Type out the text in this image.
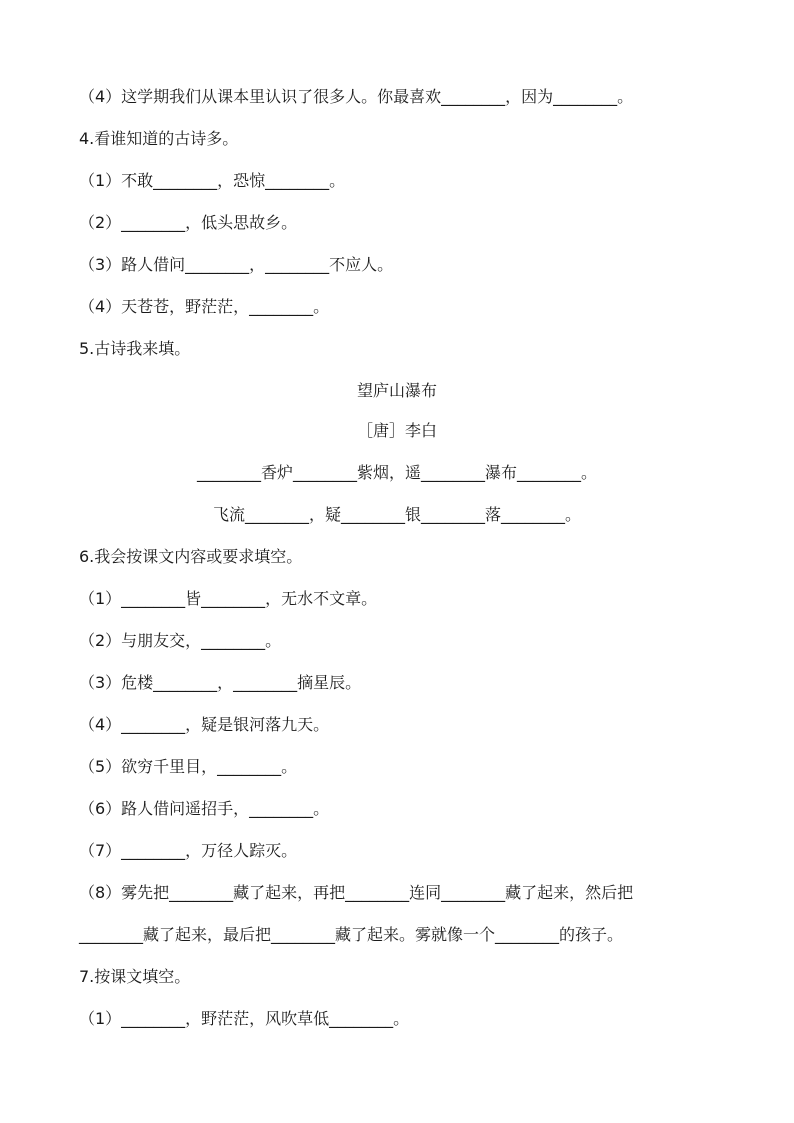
（4）这学期我们从课本里认识了很多人。你最喜欢________，因为________。
4.看谁知道的古诗多。
（1）不敢________，恐惊________。
（2）________，低头思故乡。
（3）路人借问________，________不应人。
（4）天苍苍，野茫茫，________。
5.古诗我来填。
望庐山瀑布
［唐］李白
________香炉________紫烟，遥________瀑布________。
飞流________，疑________银________落________。
6.我会按课文内容或要求填空。
（1）________皆________，无水不文章。
（2）与朋友交，________。
（3）危楼________，________摘星辰。
（4）________，疑是银河落九天。
（5）欲穷千里目，________。
（6）路人借问遥招手，________。
（7）________，万径人踪灭。
（8）雾先把________藏了起来，再把________连同________藏了起来，然后把
________藏了起来，最后把________藏了起来。雾就像一个________的孩子。
7.按课文填空。
（1）________，野茫茫，风吹草低________。
